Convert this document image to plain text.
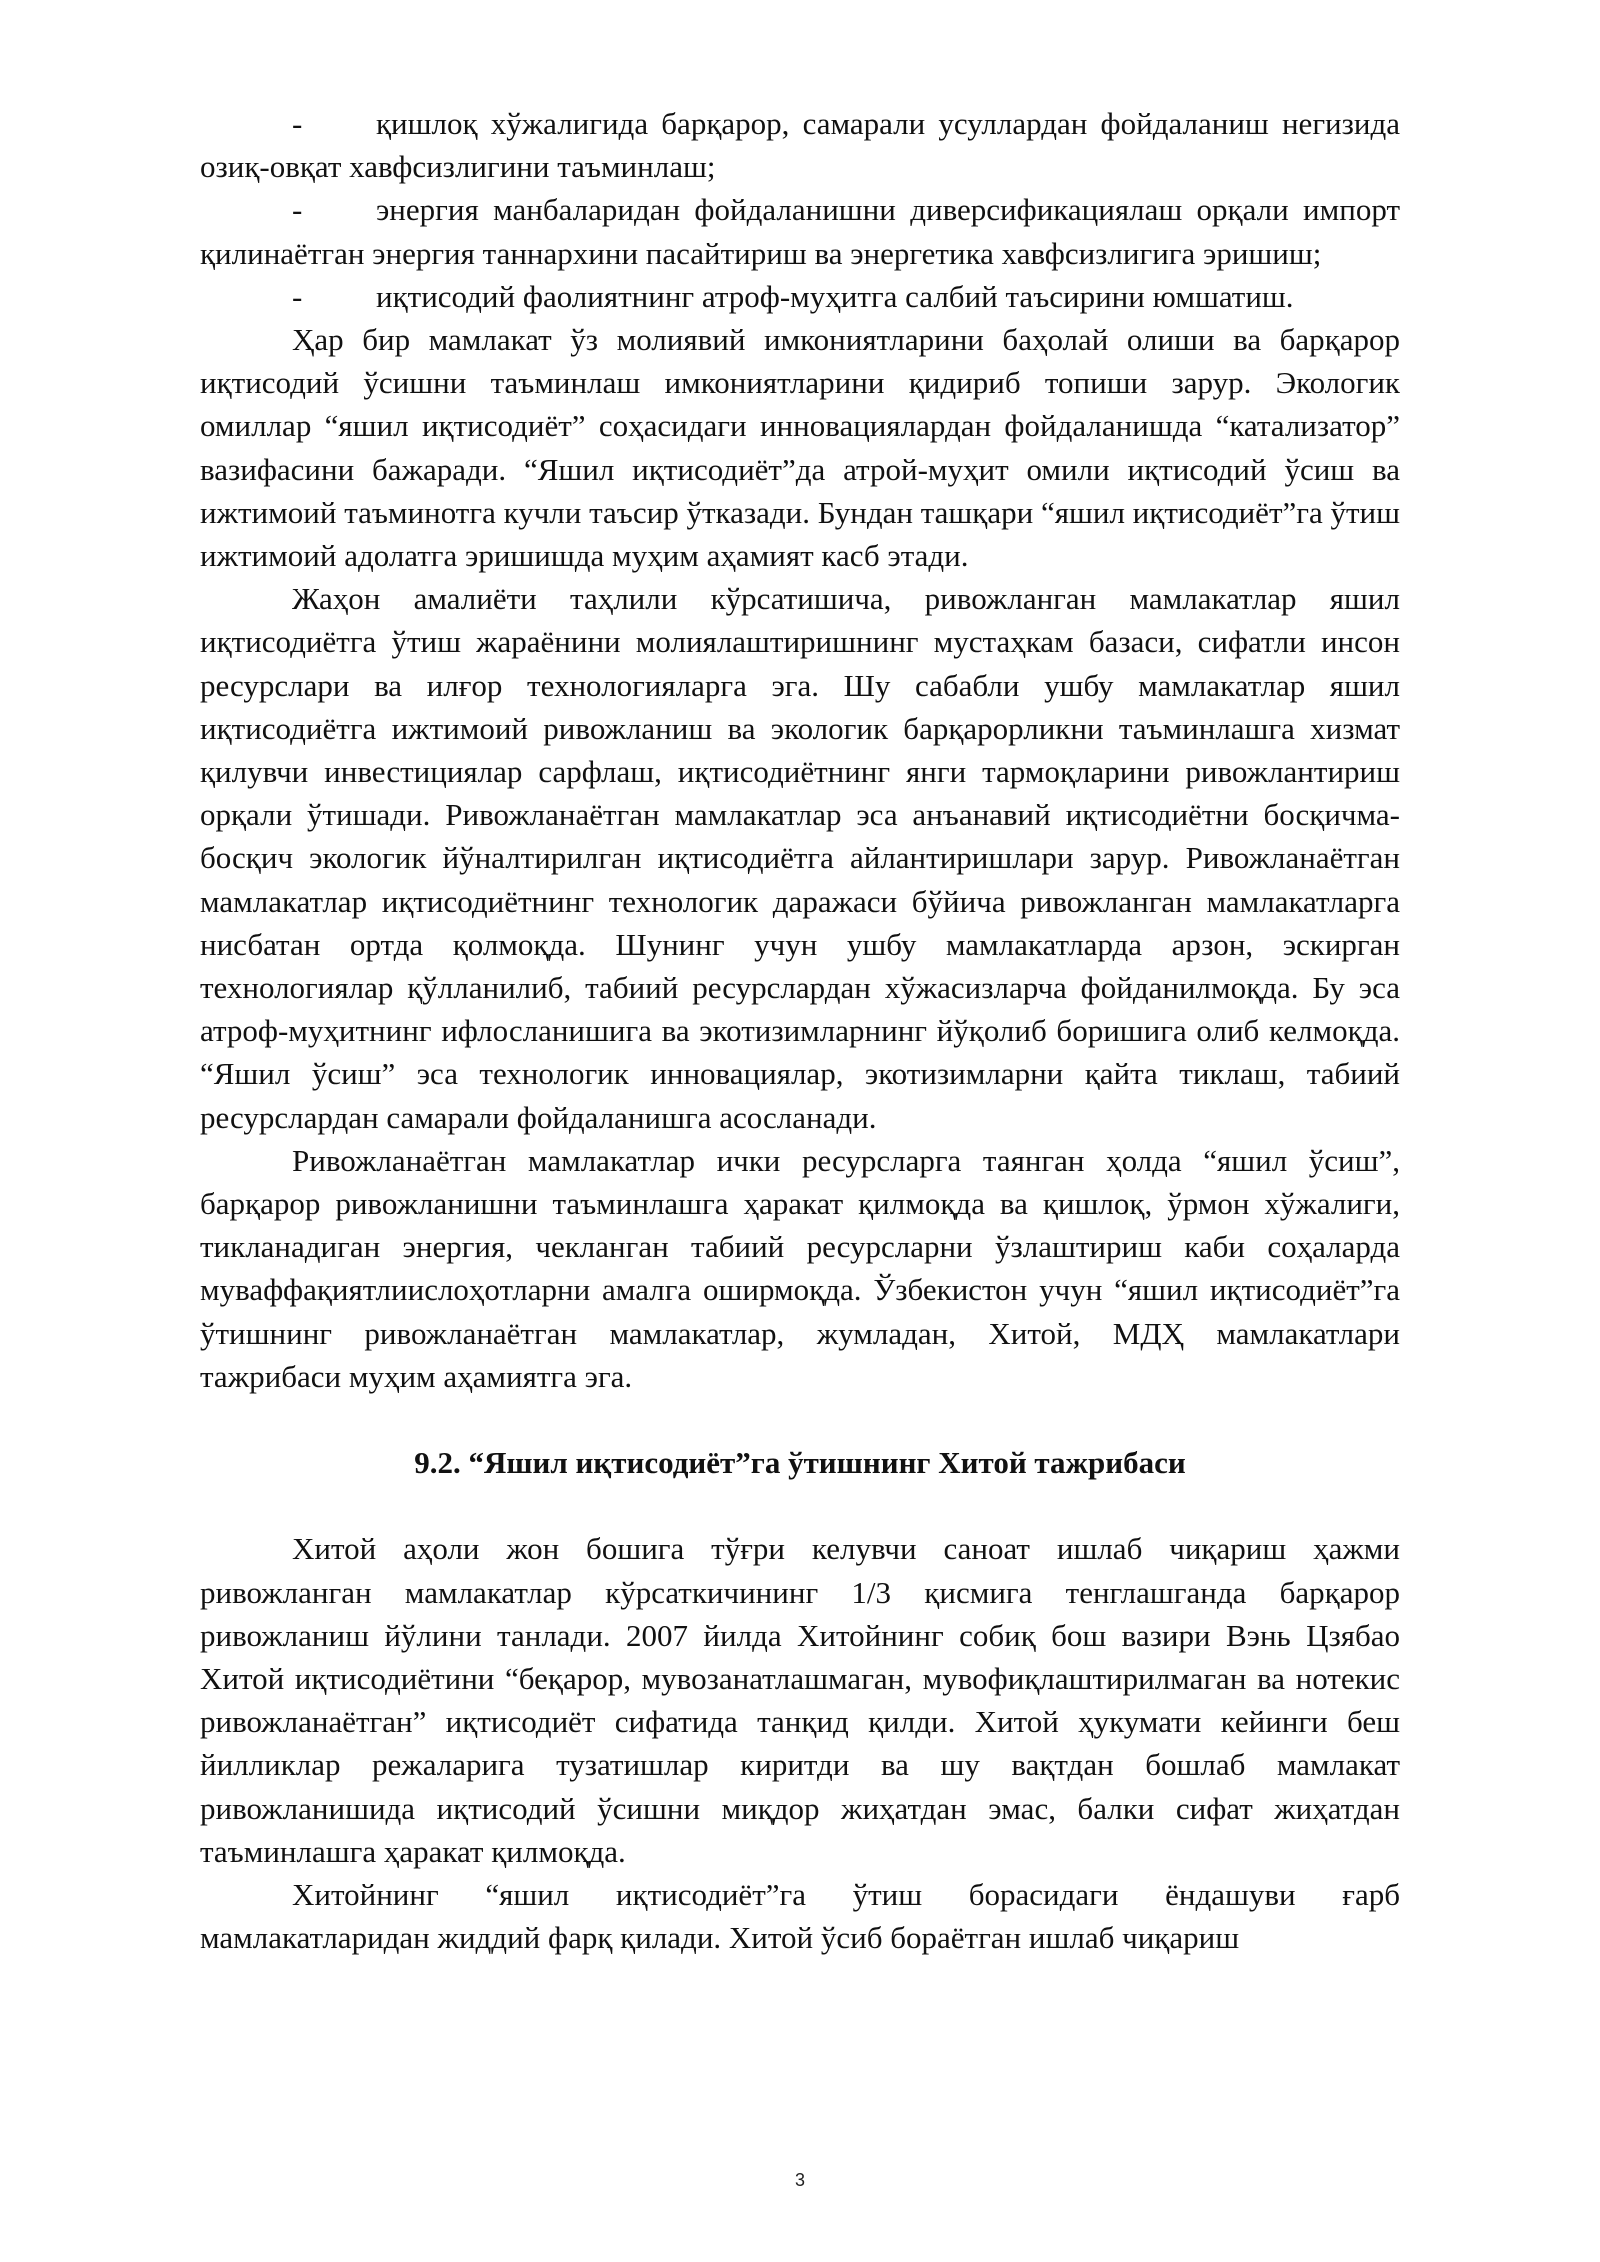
- қишлоқ хўжалигида барқарор, самарали усуллардан фойдаланиш негизида озиқ-овқат хавфсизлигини таъминлаш;

- энергия манбаларидан фойдаланишни диверсификациялаш орқали импорт қилинаётган энергия таннархини пасайтириш ва энергетика хавфсизлигига эришиш;

- иқтисодий фаолиятнинг атроф-муҳитга салбий таъсирини юмшатиш.

Ҳар бир мамлакат ўз молиявий имкониятларини баҳолай олиши ва барқарор иқтисодий ўсишни таъминлаш имкониятларини қидириб топиши зарур. Экологик омиллар “яшил иқтисодиёт” соҳасидаги инновациялардан фойдаланишда “катализатор” вазифасини бажаради. “Яшил иқтисодиёт”да атрой-муҳит омили иқтисодий ўсиш ва ижтимоий таъминотга кучли таъсир ўтказади. Бундан ташқари “яшил иқтисодиёт”га ўтиш ижтимоий адолатга эришишда муҳим аҳамият касб этади.

Жаҳон амалиёти таҳлили кўрсатишича, ривожланган мамлакатлар яшил иқтисодиётга ўтиш жараёнини молиялаштиришнинг мустаҳкам базаси, сифатли инсон ресурслари ва илғор технологияларга эга. Шу сабабли ушбу мамлакатлар яшил иқтисодиётга ижтимоий ривожланиш ва экологик барқарорликни таъминлашга хизмат қилувчи инвестициялар сарфлаш, иқтисодиётнинг янги тармоқларини ривожлантириш орқали ўтишади. Ривожланаётган мамлакатлар эса анъанавий иқтисодиётни босқичма-босқич экологик йўналтирилган иқтисодиётга айлантиришлари зарур. Ривожланаётган мамлакатлар иқтисодиётнинг технологик даражаси бўйича ривожланган мамлакатларга нисбатан ортда қолмоқда. Шунинг учун ушбу мамлакатларда арзон, эскирган технологиялар қўлланилиб, табиий ресурслардан хўжасизларча фойданилмоқда. Бу эса атроф-муҳитнинг ифлосланишига ва экотизимларнинг йўқолиб боришига олиб келмоқда. “Яшил ўсиш” эса технологик инновациялар, экотизимларни қайта тиклаш, табиий ресурслардан самарали фойдаланишга асосланади.

Ривожланаётган мамлакатлар ички ресурсларга таянган ҳолда “яшил ўсиш”, барқарор ривожланишни таъминлашга ҳаракат қилмоқда ва қишлоқ, ўрмон хўжалиги, тикланадиган энергия, чекланган табиий ресурсларни ўзлаштириш каби соҳаларда муваффақиятлиислоҳотларни амалга оширмоқда. Ўзбекистон учун “яшил иқтисодиёт”га ўтишнинг ривожланаётган мамлакатлар, жумладан, Хитой, МДҲ мамлакатлари тажрибаси муҳим аҳамиятга эга.

9.2. “Яшил иқтисодиёт”га ўтишнинг Хитой тажрибаси

Хитой аҳоли жон бошига тўғри келувчи саноат ишлаб чиқариш ҳажми ривожланган мамлакатлар кўрсаткичининг 1/3 қисмига тенглашганда барқарор ривожланиш йўлини танлади. 2007 йилда Хитойнинг собиқ бош вазири Вэнь Цзябао Хитой иқтисодиётини “беқарор, мувозанатлашмаган, мувофиқлаштирилмаган ва нотекис ривожланаётган” иқтисодиёт сифатида танқид қилди. Хитой ҳукумати кейинги беш йилликлар режаларига тузатишлар киритди ва шу вақтдан бошлаб мамлакат ривожланишида иқтисодий ўсишни миқдор жиҳатдан эмас, балки сифат жиҳатдан таъминлашга ҳаракат қилмоқда.

Хитойнинг “яшил иқтисодиёт”га ўтиш борасидаги ёндашуви ғарб мамлакатларидан жиддий фарқ қилади. Хитой ўсиб бораётган ишлаб чиқариш

3
